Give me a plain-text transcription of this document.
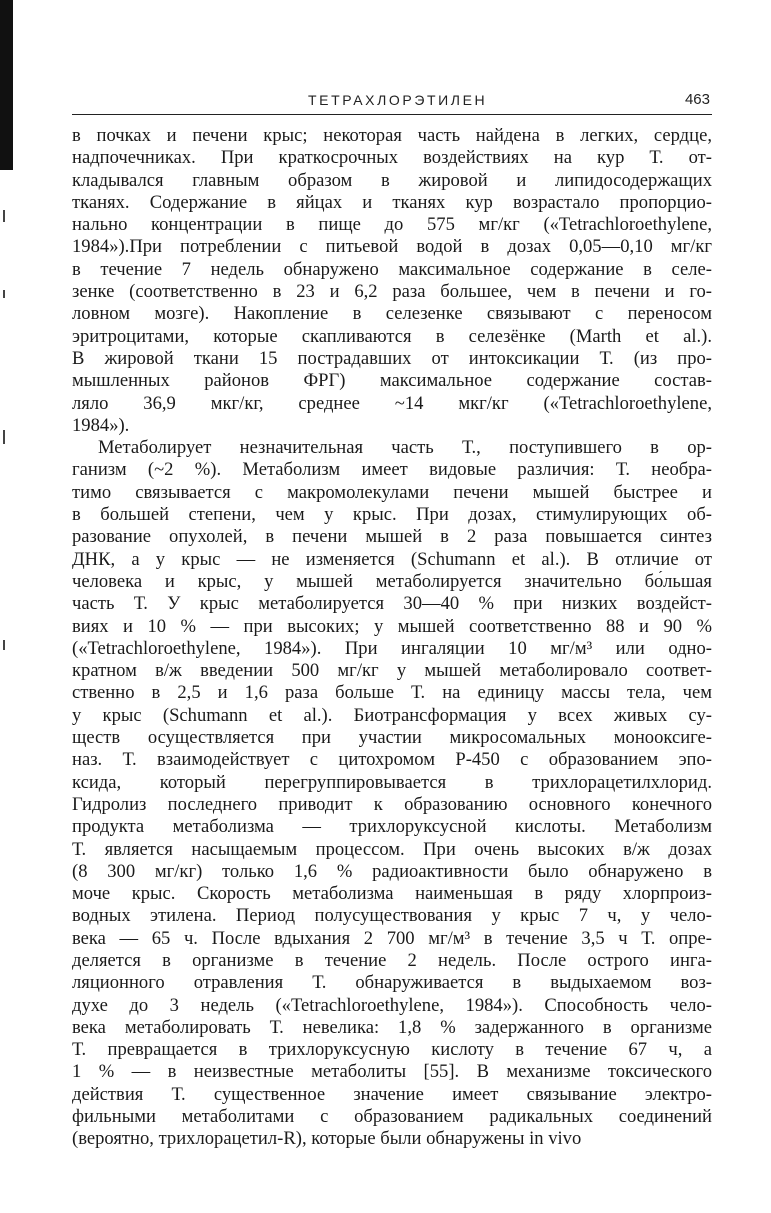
ТЕТРАХЛОРЭТИЛЕН	463
в почках и печени крыс; некоторая часть найдена в легких, сердце,
надпочечниках. При краткосрочных воздействиях на кур Т. от-
кладывался главным образом в жировой и липидосодержащих
тканях. Содержание в яйцах и тканях кур возрастало пропорцио-
нально концентрации в пище до 575 мг/кг («Tetrachloroethylene,
1984»).При потреблении с питьевой водой в дозах 0,05—0,10 мг/кг
в течение 7 недель обнаружено максимальное содержание в селе-
зенке (соответственно в 23 и 6,2 раза большее, чем в печени и го-
ловном мозге). Накопление в селезенке связывают с переносом
эритроцитами, которые скапливаются в селезёнке (Marth et al.).
В жировой ткани 15 пострадавших от интоксикации Т. (из про-
мышленных районов ФРГ) максимальное содержание состав-
ляло 36,9 мкг/кг, среднее ~14 мкг/кг («Tetrachloroethylene,
1984»).
Метаболирует незначительная часть Т., поступившего в ор-
ганизм (~2 %). Метаболизм имеет видовые различия: Т. необра-
тимо связывается с макромолекулами печени мышей быстрее и
в большей степени, чем у крыс. При дозах, стимулирующих об-
разование опухолей, в печени мышей в 2 раза повышается синтез
ДНК, а у крыс — не изменяется (Schumann et al.). В отличие от
человека и крыс, у мышей метаболируется значительно бо́льшая
часть Т. У крыс метаболируется 30—40 % при низких воздейст-
виях и 10 % — при высоких; у мышей соответственно 88 и 90 %
(«Tetrachloroethylene, 1984»). При ингаляции 10 мг/м³ или одно-
кратном в/ж введении 500 мг/кг у мышей метаболировало соответ-
ственно в 2,5 и 1,6 раза больше Т. на единицу массы тела, чем
у крыс (Schumann et al.). Биотрансформация у всех живых су-
ществ осуществляется при участии микросомальных монооксиге-
наз. Т. взаимодействует с цитохромом Р-450 с образованием эпо-
ксида, который перегруппировывается в трихлорацетилхлорид.
Гидролиз последнего приводит к образованию основного конечного
продукта метаболизма — трихлоруксусной кислоты. Метаболизм
Т. является насыщаемым процессом. При очень высоких в/ж дозах
(8 300 мг/кг) только 1,6 % радиоактивности было обнаружено в
моче крыс. Скорость метаболизма наименьшая в ряду хлорпроиз-
водных этилена. Период полусуществования у крыс 7 ч, у чело-
века — 65 ч. После вдыхания 2 700 мг/м³ в течение 3,5 ч Т. опре-
деляется в организме в течение 2 недель. После острого инга-
ляционного отравления Т. обнаруживается в выдыхаемом воз-
духе до 3 недель («Tetrachloroethylene, 1984»). Способность чело-
века метаболировать Т. невелика: 1,8 % задержанного в организме
Т. превращается в трихлоруксусную кислоту в течение 67 ч, а
1 % — в неизвестные метаболиты [55]. В механизме токсического
действия Т. существенное значение имеет связывание электро-
фильными метаболитами с образованием радикальных соединений
(вероятно, трихлорацетил-R), которые были обнаружены in vivo
